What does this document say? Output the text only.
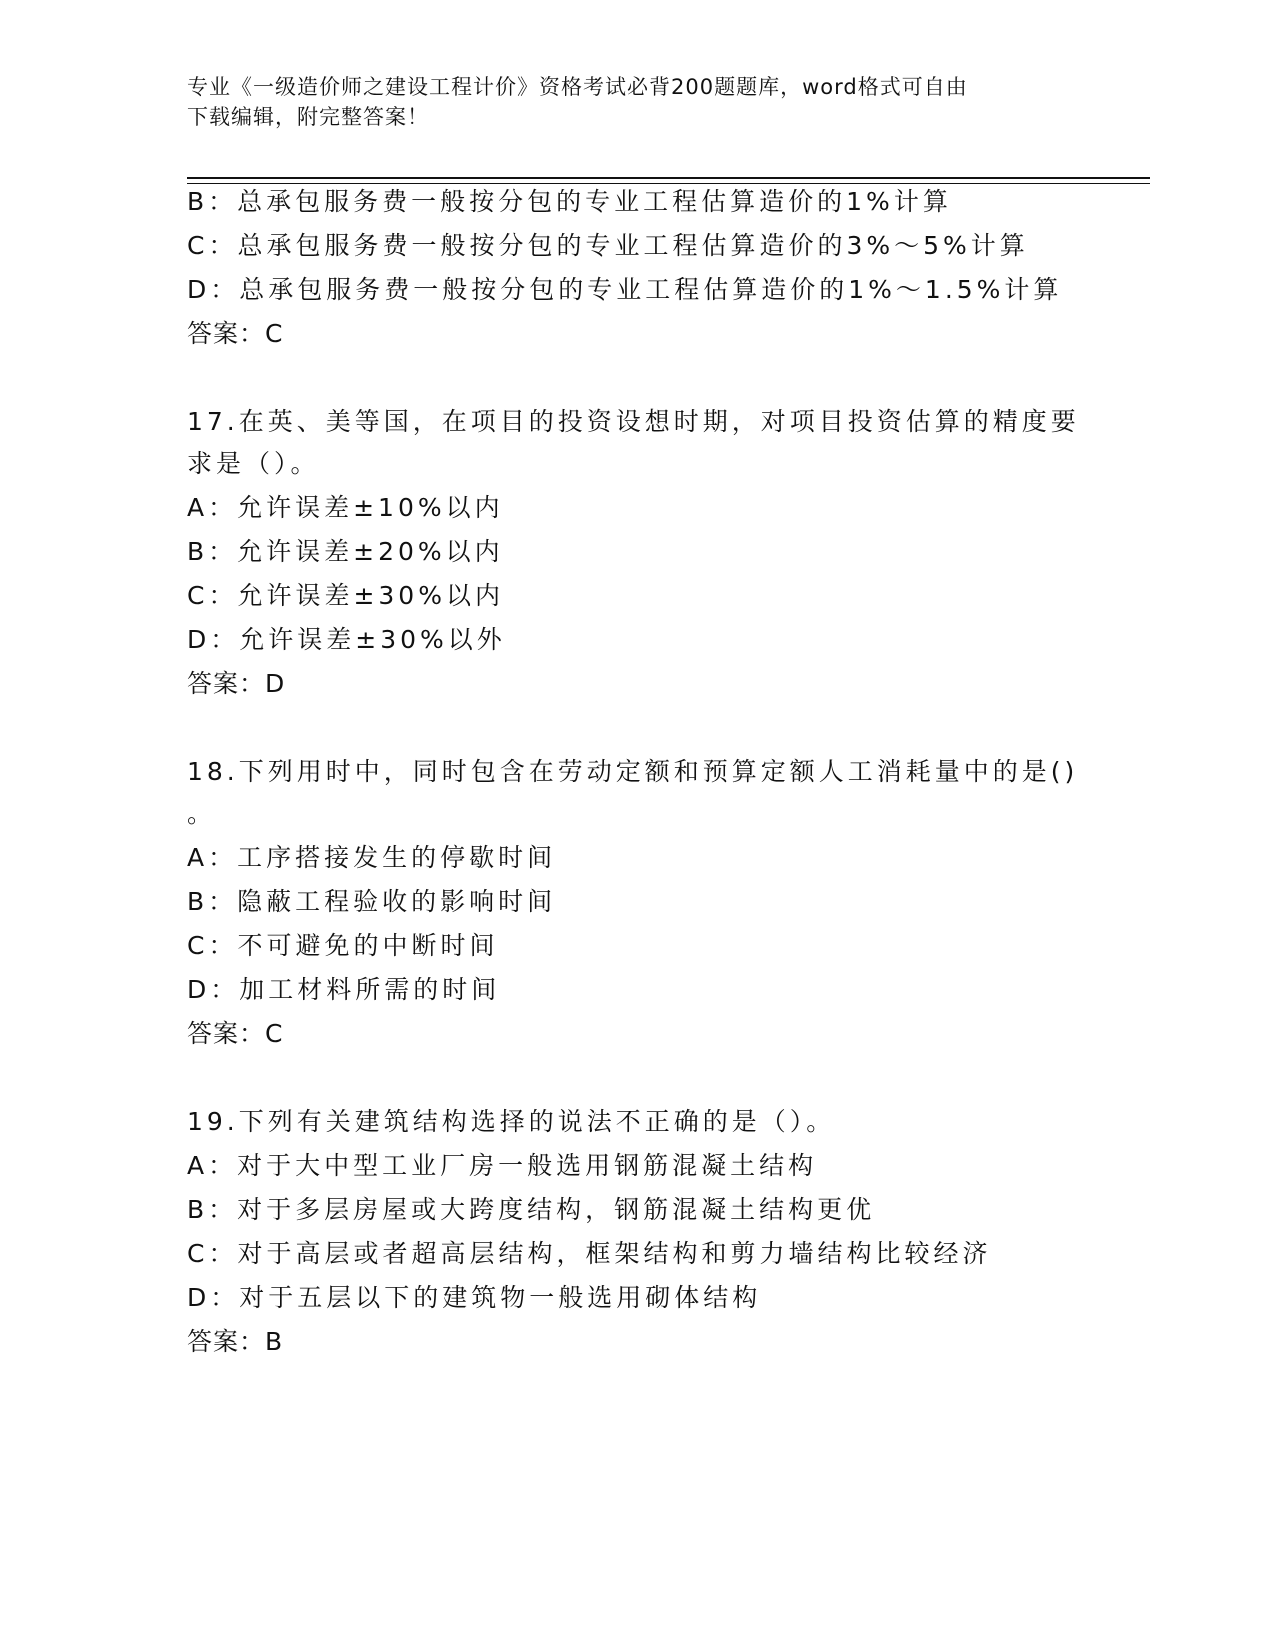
专业《一级造价师之建设工程计价》资格考试必背200题题库，word格式可自由
下载编辑，附完整答案！
B：总承包服务费一般按分包的专业工程估算造价的1%计算
C：总承包服务费一般按分包的专业工程估算造价的3%～5%计算
D：总承包服务费一般按分包的专业工程估算造价的1%～1.5%计算
答案：C
17.在英、美等国，在项目的投资设想时期，对项目投资估算的精度要
求是（）。
A：允许误差±10%以内
B：允许误差±20%以内
C：允许误差±30%以内
D：允许误差±30%以外
答案：D
18.下列用时中，同时包含在劳动定额和预算定额人工消耗量中的是()
。
A：工序搭接发生的停歇时间
B：隐蔽工程验收的影响时间
C：不可避免的中断时间
D：加工材料所需的时间
答案：C
19.下列有关建筑结构选择的说法不正确的是（）。
A：对于大中型工业厂房一般选用钢筋混凝土结构
B：对于多层房屋或大跨度结构，钢筋混凝土结构更优
C：对于高层或者超高层结构，框架结构和剪力墙结构比较经济
D：对于五层以下的建筑物一般选用砌体结构
答案：B
